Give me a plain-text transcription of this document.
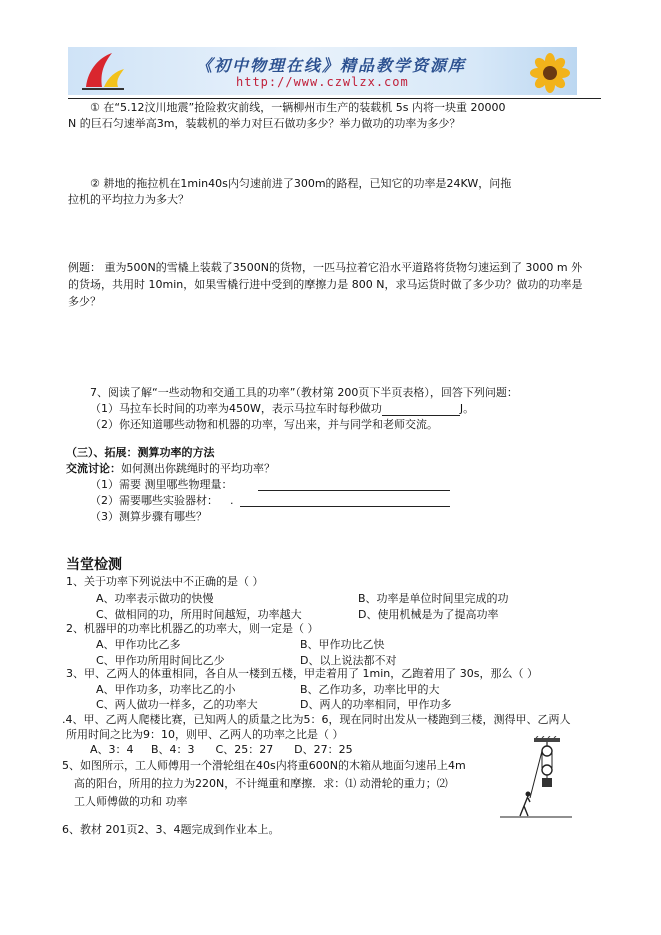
《初中物理在线》精品教学资源库
http://www.czwlzx.com
① 在“5.12汶川地震”抢险救灾前线，一辆柳州市生产的装载机 5s 内将一块重 20000
N 的巨石匀速举高3m，装载机的举力对巨石做功多少？举力做功的功率为多少？
② 耕地的拖拉机在1min40s内匀速前进了300m的路程，已知它的功率是24KW，问拖
拉机的平均拉力为多大？
例题： 重为500N的雪橇上装载了3500N的货物，一匹马拉着它沿水平道路将货物匀速运到了 3000 m 外
的货场，共用时 10min，如果雪橇行进中受到的摩擦力是 800 N，求马运货时做了多少功？做功的功率是
多少？
7、阅读了解“一些动物和交通工具的功率”（教材第 200页下半页表格），回答下列问题：
（1）马拉车长时间的功率为450W，表示马拉车时每秒做功	J。
（2）你还知道哪些动物和机器的功率，写出来，并与同学和老师交流。
（三）、拓展：测算功率的方法
交流讨论：如何测出你跳绳时的平均功率？
（1）需要 测里哪些物理量：
（2）需要哪些实验器材： .
（3）测算步骤有哪些？
当堂检测
1、关于功率下列说法中不正确的是（ ）
A、功率表示做功的快慢	B、功率是单位时间里完成的功
C、做相同的功，所用时间越短，功率越大	D、使用机械是为了提高功率
2、机器甲的功率比机器乙的功率大，则一定是（ ）
A、甲作功比乙多	B、甲作功比乙快
C、甲作功所用时间比乙少	D、以上说法都不对
3、甲、乙两人的体重相同，各自从一楼到五楼，甲走着用了 1min，乙跑着用了 30s，那么（ ）
A、甲作功多，功率比乙的小	B、乙作功多，功率比甲的大
C、两人做功一样多，乙的功率大	D、两人的功率相同，甲作功多
.4、甲、乙两人爬楼比赛，已知两人的质量之比为5：6，现在同时出发从一楼跑到三楼，测得甲、乙两人
所用时间之比为9：10，则甲、乙两人的功率之比是（ ）
A、3：4     B、4：3      C、25：27      D、27：25
5、如图所示，工人师傅用一个滑轮组在40s内将重600N的木箱从地面匀速吊上4m
高的阳台，所用的拉力为220N，不计绳重和摩擦．求：⑴ 动滑轮的重力；⑵
工人师傅做的功和 功率
6、教材 201页2、3、4题完成到作业本上。
